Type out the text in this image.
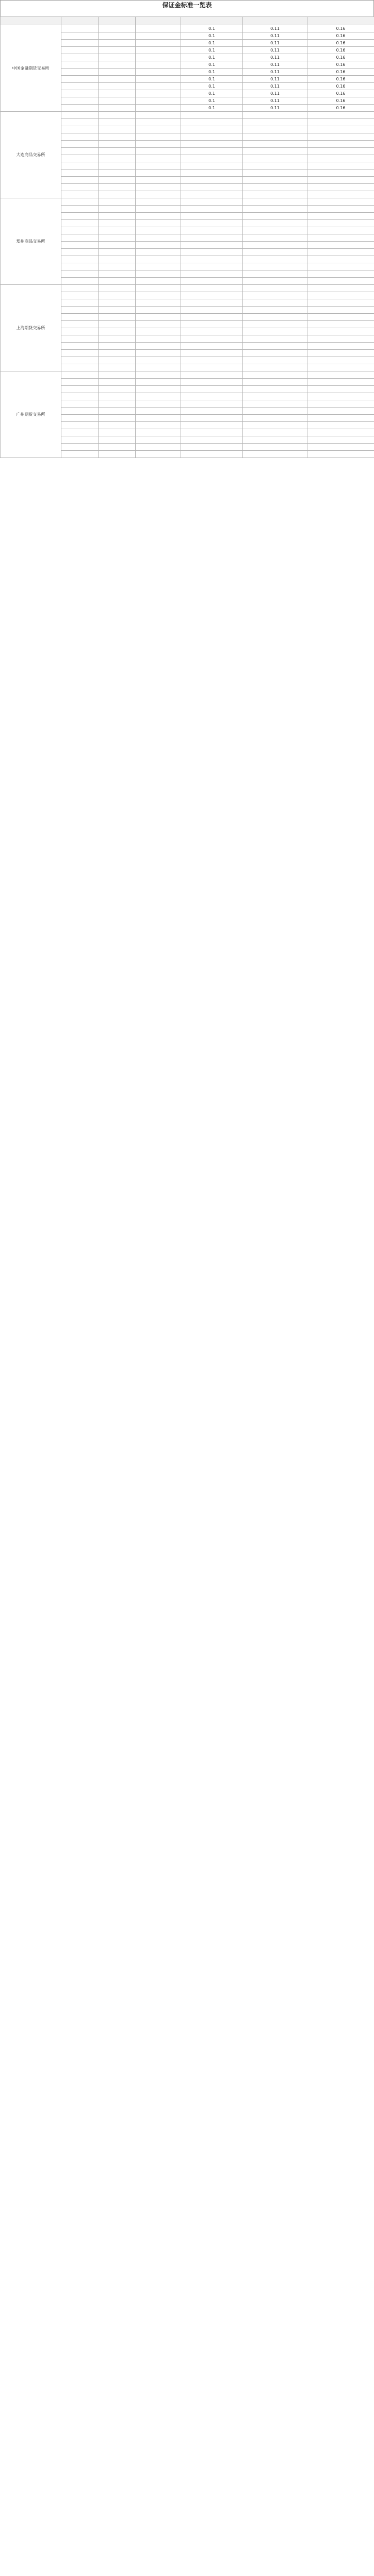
保证金标准一览表

中国金融期货交易所				0.1	0.11	0.16
				0.1	0.11	0.16
				0.1	0.11	0.16
				0.1	0.11	0.16
				0.1	0.11	0.16
				0.1	0.11	0.16
				0.1	0.11	0.16
				0.1	0.11	0.16
				0.1	0.11	0.16
				0.1	0.11	0.16
				0.1	0.11	0.16
				0.1	0.11	0.16
大连商品交易所						

郑州商品交易所						

上海期货交易所						

广州期货交易所						
